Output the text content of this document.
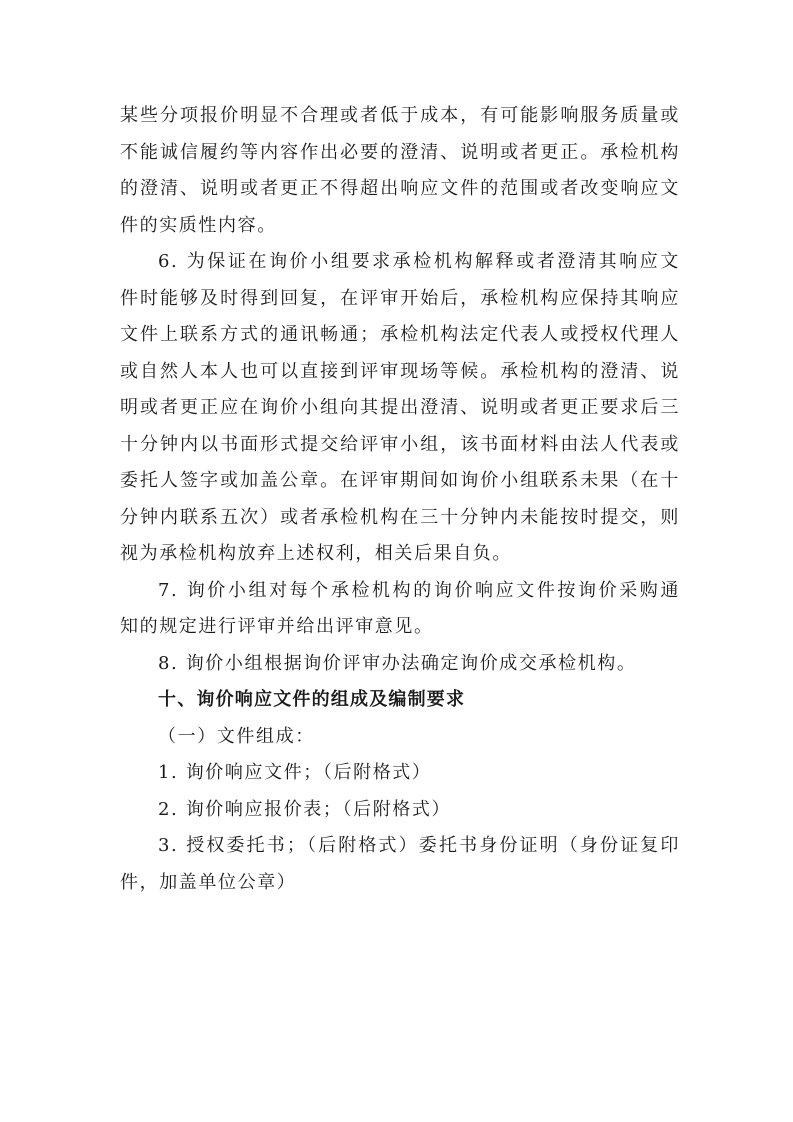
某些分项报价明显不合理或者低于成本，有可能影响服务质量或
不能诚信履约等内容作出必要的澄清、说明或者更正。承检机构
的澄清、说明或者更正不得超出响应文件的范围或者改变响应文
件的实质性内容。
6. 为保证在询价小组要求承检机构解释或者澄清其响应文
件时能够及时得到回复，在评审开始后，承检机构应保持其响应
文件上联系方式的通讯畅通；承检机构法定代表人或授权代理人
或自然人本人也可以直接到评审现场等候。承检机构的澄清、说
明或者更正应在询价小组向其提出澄清、说明或者更正要求后三
十分钟内以书面形式提交给评审小组，该书面材料由法人代表或
委托人签字或加盖公章。在评审期间如询价小组联系未果（在十
分钟内联系五次）或者承检机构在三十分钟内未能按时提交，则
视为承检机构放弃上述权利，相关后果自负。
7. 询价小组对每个承检机构的询价响应文件按询价采购通
知的规定进行评审并给出评审意见。
8. 询价小组根据询价评审办法确定询价成交承检机构。
十、询价响应文件的组成及编制要求
（一）文件组成：
1. 询价响应文件；（后附格式）
2. 询价响应报价表；（后附格式）
3. 授权委托书；（后附格式）委托书身份证明（身份证复印
件，加盖单位公章）
